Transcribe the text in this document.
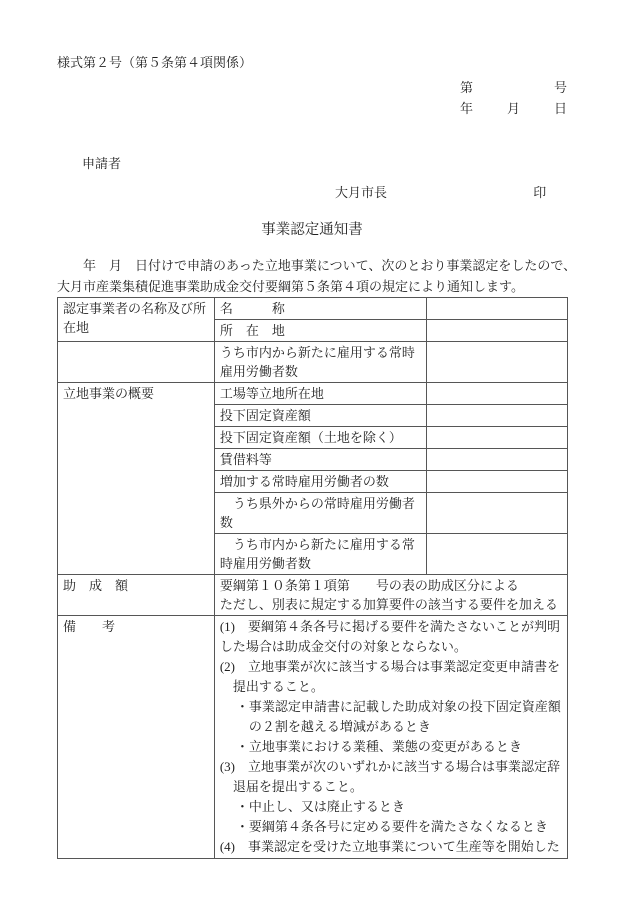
様式第２号（第５条第４項関係）
第	号
年	月	日
申請者
大月市長	印
事業認定通知書
　　年　月　日付けで申請のあった立地事業について、次のとおり事業認定をしたので、
大月市産業集積促進事業助成金交付要綱第５条第４項の規定により通知します。
認定事業者の名称及び所在地	名　　　称	
	所　在　地	
	うち市内から新たに雇用する常時雇用労働者数	
立地事業の概要	工場等立地所在地	
	投下固定資産額	
	投下固定資産額（土地を除く）	
	賃借料等	
	増加する常時雇用労働者の数	
	　うち県外からの常時雇用労働者数	
	　うち市内から新たに雇用する常時雇用労働者数	
助　成　額	要綱第１０条第１項第　　号の表の助成区分による
ただし、別表に規定する加算要件の該当する要件を加える	

備　　考	(1)　要綱第４条各号に掲げる要件を満たさないことが判明
した場合は助成金交付の対象とならない。
(2)　立地事業が次に該当する場合は事業認定変更申請書を
提出すること。
・事業認定申請書に記載した助成対象の投下固定資産額
の２割を越える増減があるとき
・立地事業における業種、業態の変更があるとき
(3)　立地事業が次のいずれかに該当する場合は事業認定辞
退届を提出すること。
・中止し、又は廃止するとき
・要綱第４条各号に定める要件を満たさなくなるとき
(4)　事業認定を受けた立地事業について生産等を開始した
